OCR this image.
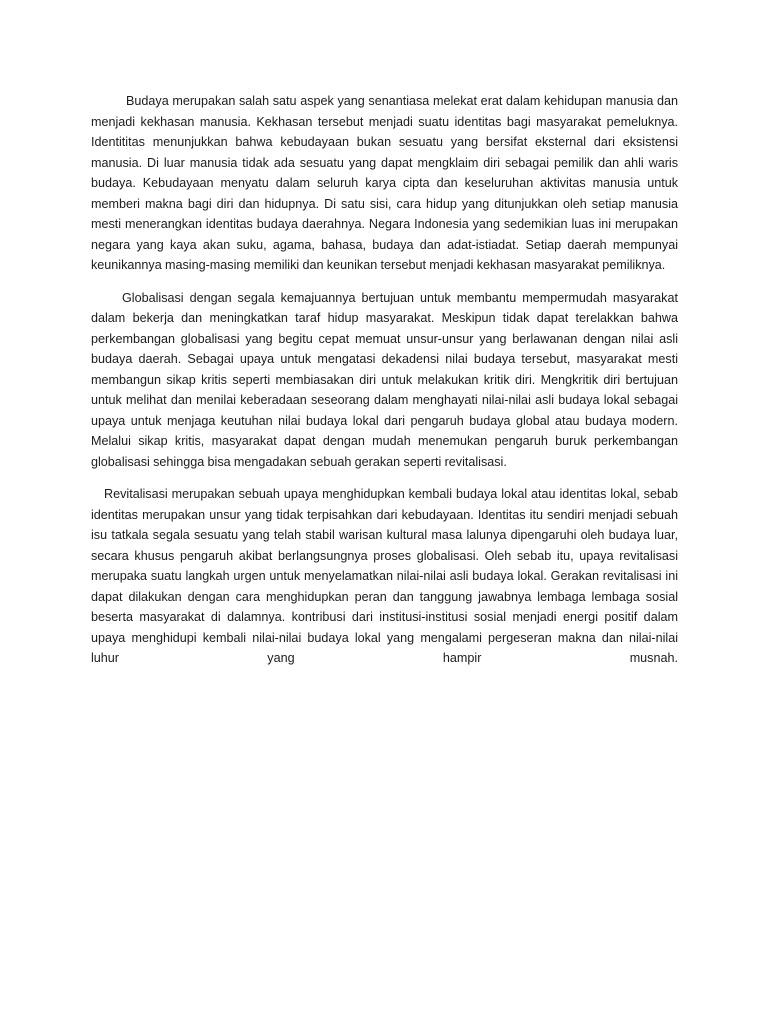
Budaya merupakan salah satu aspek yang senantiasa melekat erat dalam kehidupan manusia dan menjadi kekhasan manusia. Kekhasan tersebut menjadi suatu identitas bagi masyarakat pemeluknya. Identititas menunjukkan bahwa kebudayaan bukan sesuatu yang bersifat eksternal dari eksistensi manusia. Di luar manusia tidak ada sesuatu yang dapat mengklaim diri sebagai pemilik dan ahli waris budaya. Kebudayaan menyatu dalam seluruh karya cipta dan keseluruhan aktivitas manusia untuk memberi makna bagi diri dan hidupnya. Di satu sisi, cara hidup yang ditunjukkan oleh setiap manusia mesti menerangkan identitas budaya daerahnya. Negara Indonesia yang sedemikian luas ini merupakan negara yang kaya akan suku, agama, bahasa, budaya dan adat-istiadat. Setiap daerah mempunyai keunikannya masing-masing memiliki dan keunikan tersebut menjadi kekhasan masyarakat pemiliknya.

Globalisasi dengan segala kemajuannya bertujuan untuk membantu mempermudah masyarakat dalam bekerja dan meningkatkan taraf hidup masyarakat. Meskipun tidak dapat terelakkan bahwa perkembangan globalisasi yang begitu cepat memuat unsur-unsur yang berlawanan dengan nilai asli budaya daerah. Sebagai upaya untuk mengatasi dekadensi nilai budaya tersebut, masyarakat mesti membangun sikap kritis seperti membiasakan diri untuk melakukan kritik diri. Mengkritik diri bertujuan untuk melihat dan menilai keberadaan seseorang dalam menghayati nilai-nilai asli budaya lokal sebagai upaya untuk menjaga keutuhan nilai budaya lokal dari pengaruh budaya global atau budaya modern. Melalui sikap kritis, masyarakat dapat dengan mudah menemukan pengaruh buruk perkembangan globalisasi sehingga bisa mengadakan sebuah gerakan seperti revitalisasi.

Revitalisasi merupakan sebuah upaya menghidupkan kembali budaya lokal atau identitas lokal, sebab identitas merupakan unsur yang tidak terpisahkan dari kebudayaan. Identitas itu sendiri menjadi sebuah isu tatkala segala sesuatu yang telah stabil warisan kultural masa lalunya dipengaruhi oleh budaya luar, secara khusus pengaruh akibat berlangsungnya proses globalisasi. Oleh sebab itu, upaya revitalisasi merupaka suatu langkah urgen untuk menyelamatkan nilai-nilai asli budaya lokal. Gerakan revitalisasi ini dapat dilakukan dengan cara menghidupkan peran dan tanggung jawabnya lembaga lembaga sosial beserta masyarakat di dalamnya. kontribusi dari institusi-institusi sosial menjadi energi positif dalam upaya menghidupi kembali nilai-nilai budaya lokal yang mengalami pergeseran makna dan nilai-nilai luhur yang hampir musnah.
